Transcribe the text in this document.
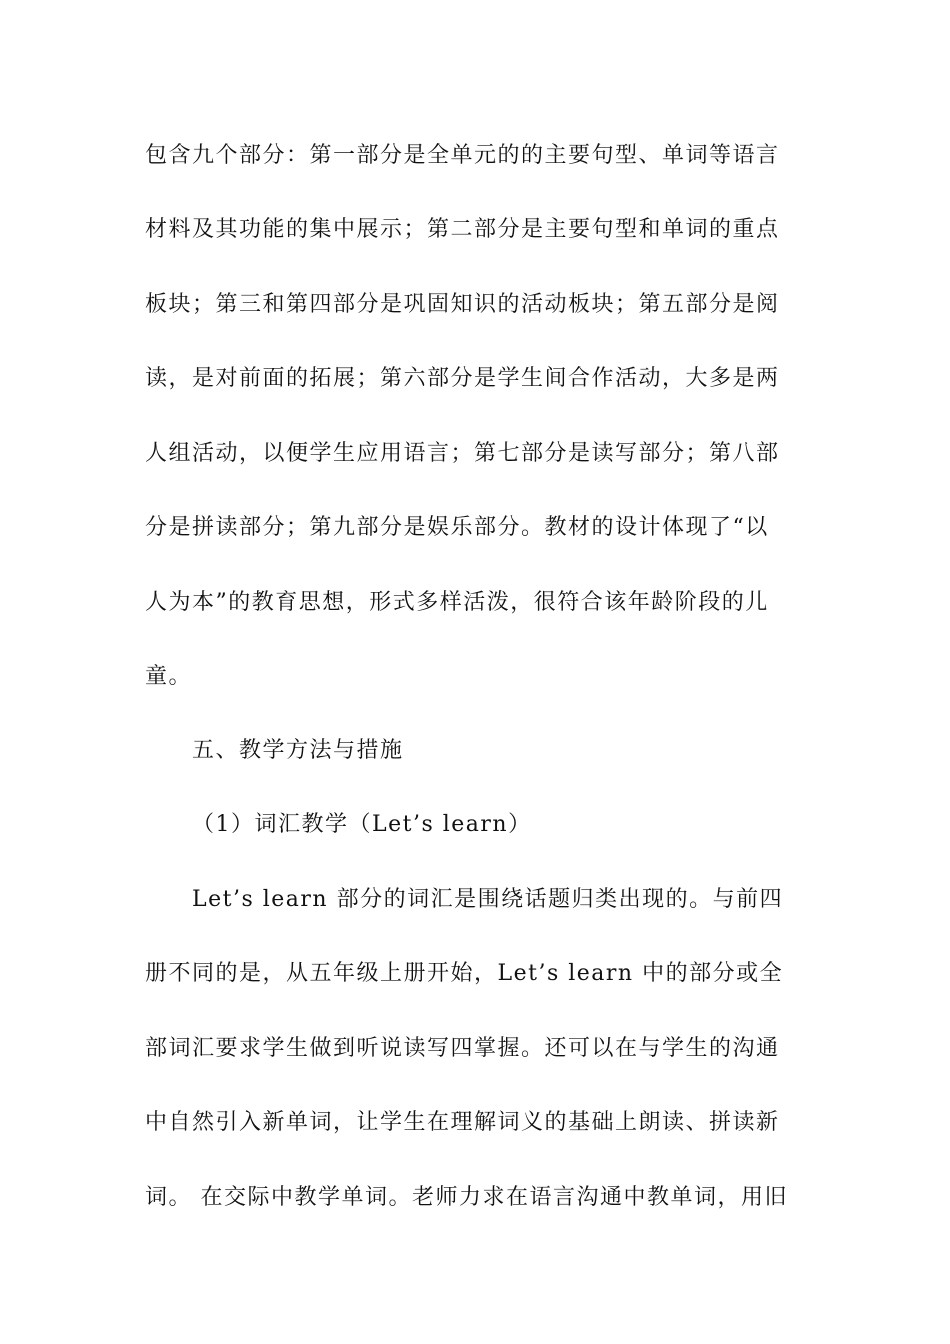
包含九个部分：第一部分是全单元的的主要句型、单词等语言
材料及其功能的集中展示；第二部分是主要句型和单词的重点
板块；第三和第四部分是巩固知识的活动板块；第五部分是阅
读，是对前面的拓展；第六部分是学生间合作活动，大多是两
人组活动，以便学生应用语言；第七部分是读写部分；第八部
分是拼读部分；第九部分是娱乐部分。教材的设计体现了“以
人为本”的教育思想，形式多样活泼，很符合该年龄阶段的儿
童。
五、教学方法与措施
（1）词汇教学（Let’s learn）
Let’s learn 部分的词汇是围绕话题归类出现的。与前四
册不同的是，从五年级上册开始，Let’s learn 中的部分或全
部词汇要求学生做到听说读写四掌握。还可以在与学生的沟通
中自然引入新单词，让学生在理解词义的基础上朗读、拼读新
词。 在交际中教学单词。老师力求在语言沟通中教单词，用旧
